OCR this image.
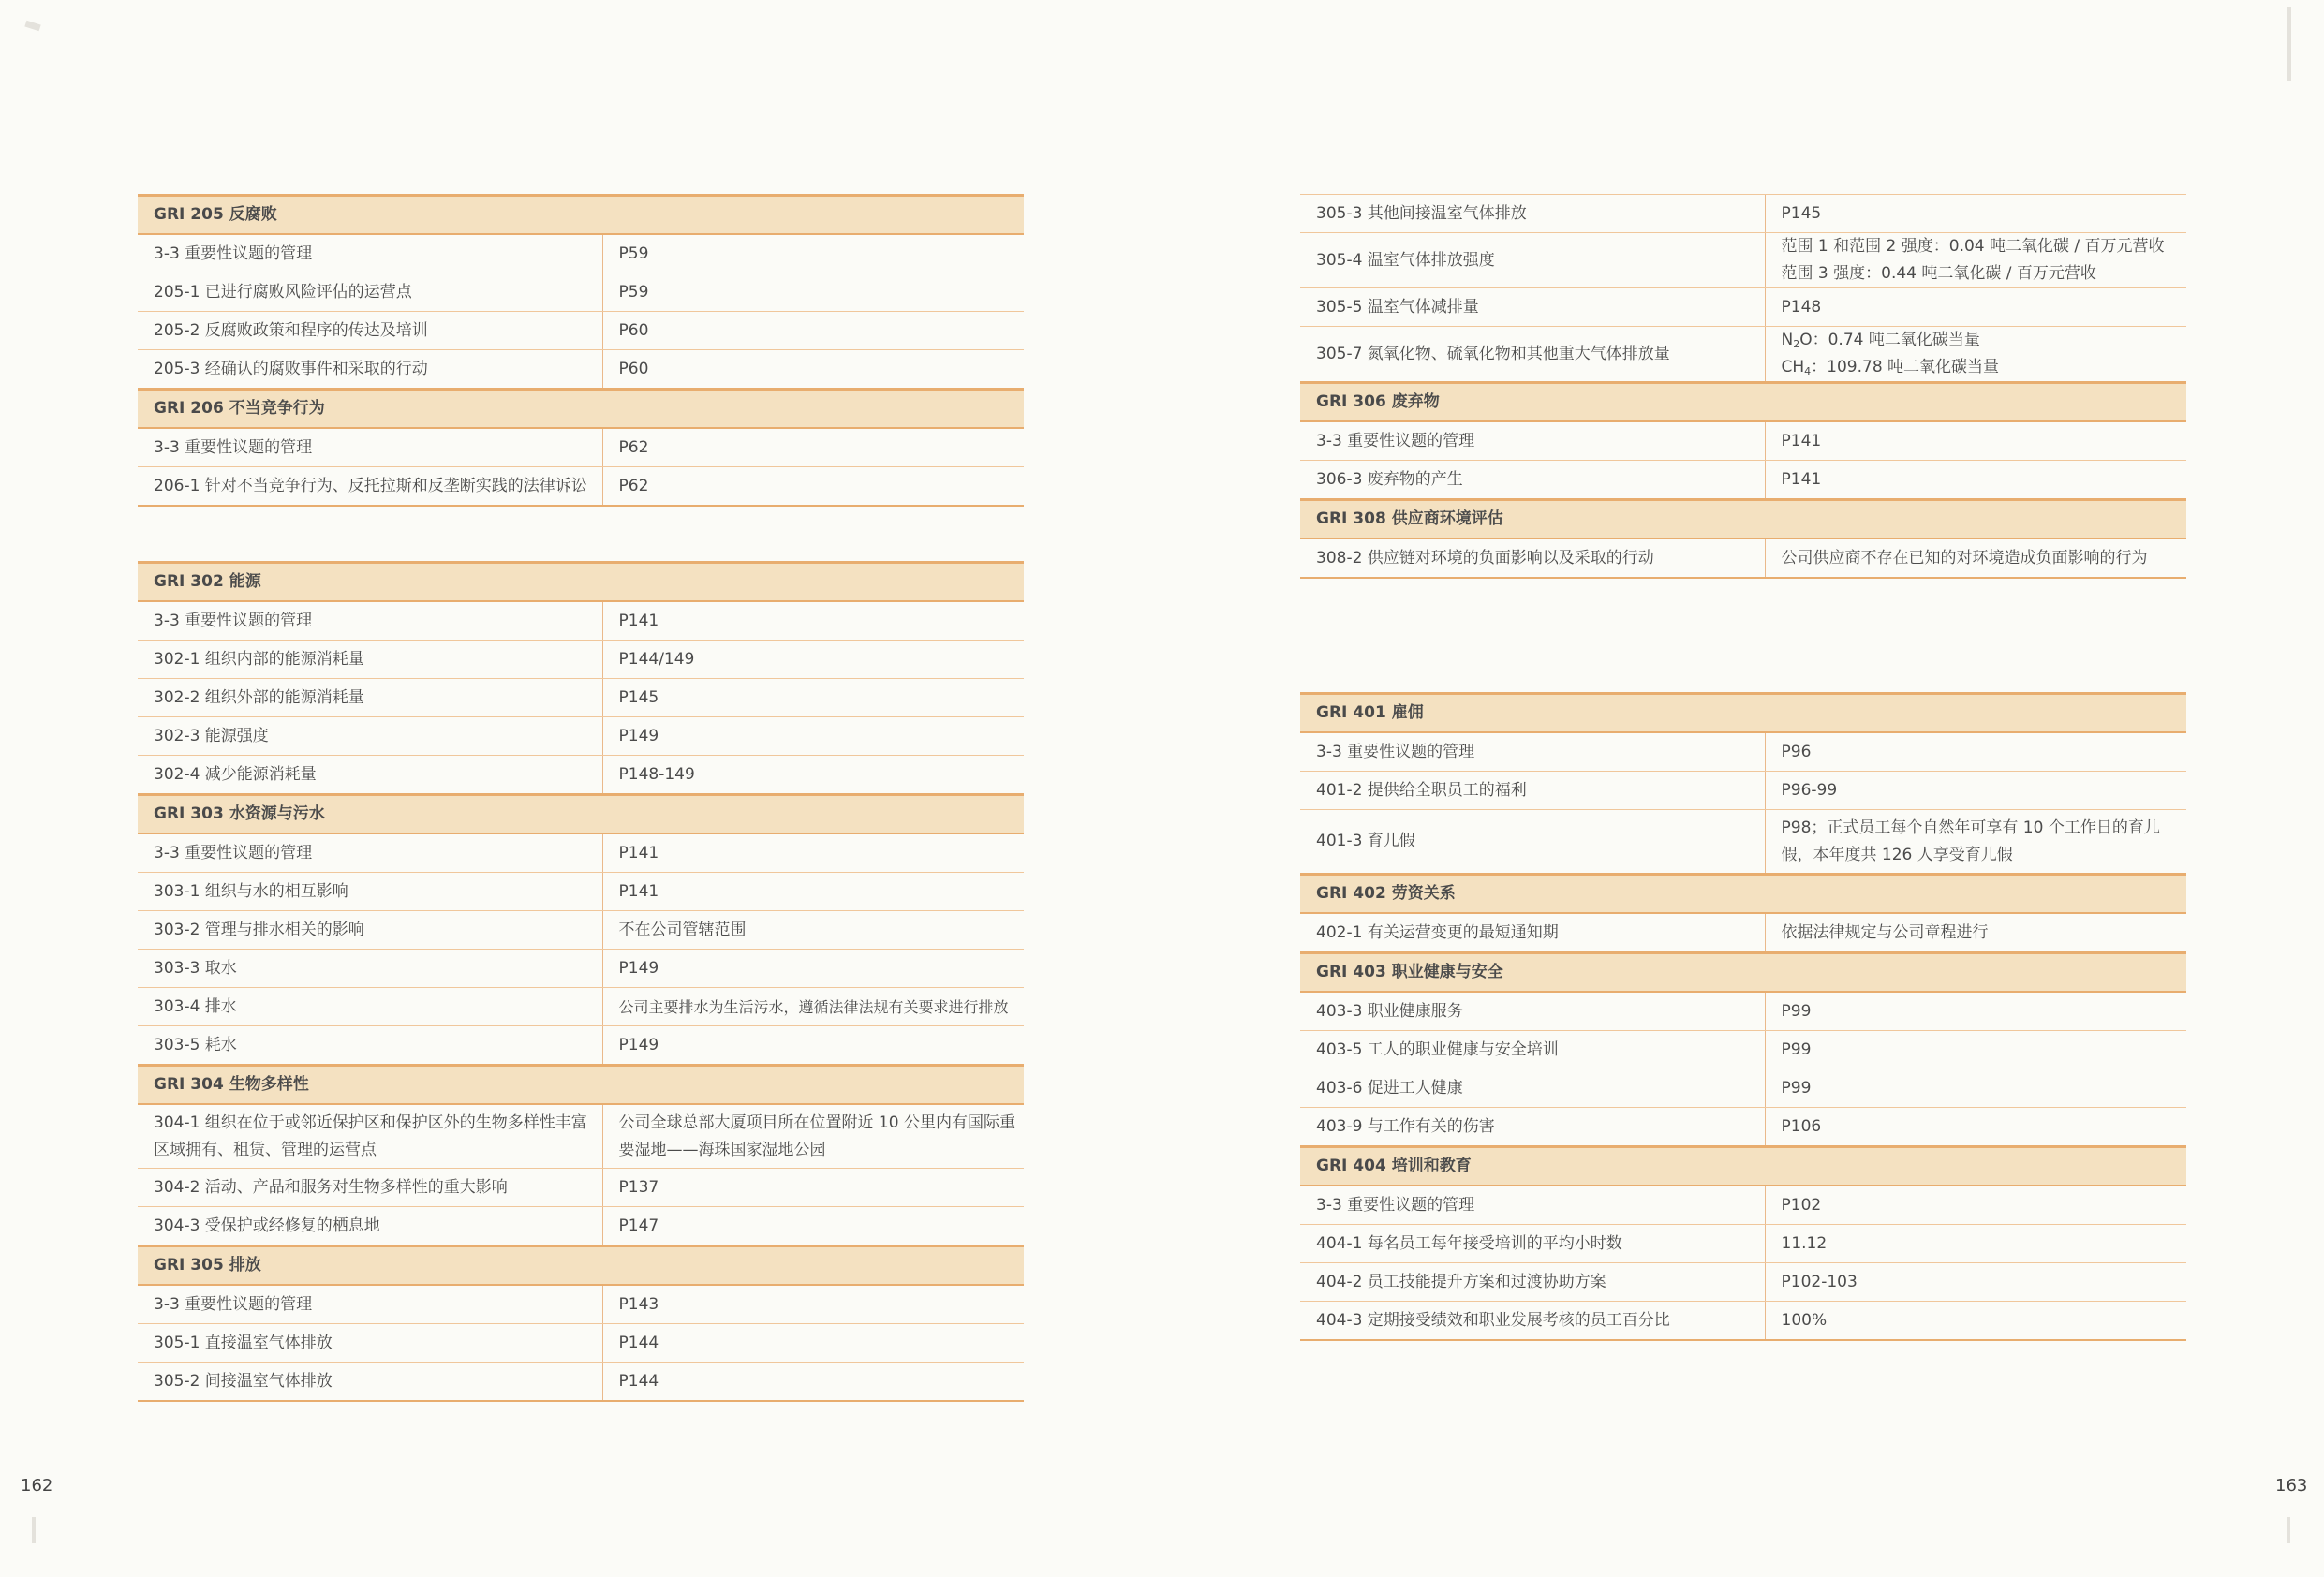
GRI 205 反腐败	
3-3 重要性议题的管理	P59
205-1 已进行腐败风险评估的运营点	P59
205-2 反腐败政策和程序的传达及培训	P60
205-3 经确认的腐败事件和采取的行动	P60
GRI 206 不当竞争行为	
3-3 重要性议题的管理	P62
206-1 针对不当竞争行为、反托拉斯和反垄断实践的法律诉讼	P62
GRI 302 能源	
3-3 重要性议题的管理	P141
302-1 组织内部的能源消耗量	P144/149
302-2 组织外部的能源消耗量	P145
302-3 能源强度	P149
302-4 减少能源消耗量	P148-149
GRI 303 水资源与污水	
3-3 重要性议题的管理	P141
303-1 组织与水的相互影响	P141
303-2 管理与排水相关的影响	不在公司管辖范围
303-3 取水	P149
303-4 排水	公司主要排水为生活污水，遵循法律法规有关要求进行排放
303-5 耗水	P149
GRI 304 生物多样性	
304-1 组织在位于或邻近保护区和保护区外的生物多样性丰富区域拥有、租赁、管理的运营点	公司全球总部大厦项目所在位置附近 10 公里内有国际重要湿地——海珠国家湿地公园
304-2 活动、产品和服务对生物多样性的重大影响	P137
304-3 受保护或经修复的栖息地	P147
GRI 305 排放	
3-3 重要性议题的管理	P143
305-1 直接温室气体排放	P144
305-2 间接温室气体排放	P144
162
305-3 其他间接温室气体排放	P145
305-4 温室气体排放强度	范围 1 和范围 2 强度：0.04 吨二氧化碳 / 百万元营收
范围 3 强度：0.44 吨二氧化碳 / 百万元营收

305-5 温室气体减排量	P148
305-7 氮氧化物、硫氧化物和其他重大气体排放量	$N_2O$：0.74 吨二氧化碳当量
$CH_4$：109.78 吨二氧化碳当量

GRI 306 废弃物	
3-3 重要性议题的管理	P141
306-3 废弃物的产生	P141
GRI 308 供应商环境评估	
308-2 供应链对环境的负面影响以及采取的行动	公司供应商不存在已知的对环境造成负面影响的行为
GRI 401 雇佣	
3-3 重要性议题的管理	P96
401-2 提供给全职员工的福利	P96-99
401-3 育儿假	P98；正式员工每个自然年可享有 10 个工作日的育儿假，本年度共 126 人享受育儿假
GRI 402 劳资关系	
402-1 有关运营变更的最短通知期	依据法律规定与公司章程进行
GRI 403 职业健康与安全	
403-3 职业健康服务	P99
403-5 工人的职业健康与安全培训	P99
403-6 促进工人健康	P99
403-9 与工作有关的伤害	P106
GRI 404 培训和教育	
3-3 重要性议题的管理	P102
404-1 每名员工每年接受培训的平均小时数	11.12
404-2 员工技能提升方案和过渡协助方案	P102-103
404-3 定期接受绩效和职业发展考核的员工百分比	100%
163
